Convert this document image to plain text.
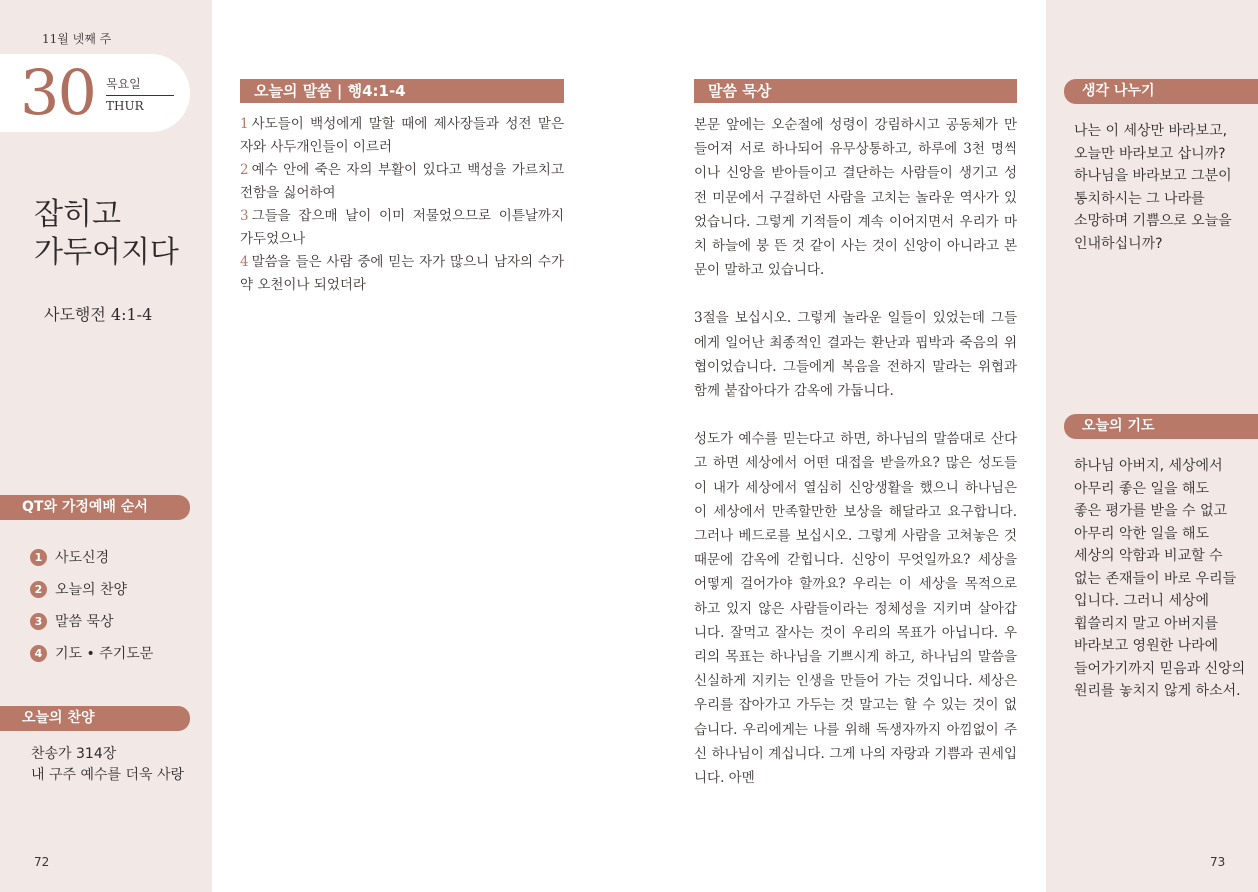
11월 넷째 주
30 목요일
THUR
잡히고
가두어지다
사도행전 4:1-4
QT와 가정예배 순서
1 사도신경
2 오늘의 찬양
3 말씀 묵상
4 기도 • 주기도문
오늘의 찬양
찬송가 314장
내 구주 예수를 더욱 사랑
72
오늘의 말씀 | 행4:1-4
1 사도들이 백성에게 말할 때에 제사장들과 성전 맡은 자와 사두개인들이 이르러
2 예수 안에 죽은 자의 부활이 있다고 백성을 가르치고 전함을 싫어하여
3 그들을 잡으매 날이 이미 저물었으므로 이튿날까지 가두었으나
4 말씀을 들은 사람 중에 믿는 자가 많으니 남자의 수가 약 오천이나 되었더라
말씀 묵상

본문 앞에는 오순절에 성령이 강림하시고 공동체가 만들어져 서로 하나되어 유무상통하고, 하루에 3천 명씩이나 신앙을 받아들이고 결단하는 사람들이 생기고 성전 미문에서 구걸하던 사람을 고치는 놀라운 역사가 있었습니다. 그렇게 기적들이 계속 이어지면서 우리가 마치 하늘에 붕 뜬 것 같이 사는 것이 신앙이 아니라고 본문이 말하고 있습니다.

3절을 보십시오. 그렇게 놀라운 일들이 있었는데 그들에게 일어난 최종적인 결과는 환난과 핍박과 죽음의 위협이었습니다. 그들에게 복음을 전하지 말라는 위협과 함께 붙잡아다가 감옥에 가둡니다.

성도가 예수를 믿는다고 하면, 하나님의 말씀대로 산다고 하면 세상에서 어떤 대접을 받을까요? 많은 성도들이 내가 세상에서 열심히 신앙생활을 했으니 하나님은 이 세상에서 만족할만한 보상을 해달라고 요구합니다. 그러나 베드로를 보십시오. 그렇게 사람을 고쳐놓은 것 때문에 감옥에 갇힙니다. 신앙이 무엇일까요? 세상을 어떻게 걸어가야 할까요? 우리는 이 세상을 목적으로 하고 있지 않은 사람들이라는 정체성을 지키며 살아갑니다. 잘먹고 잘사는 것이 우리의 목표가 아닙니다. 우리의 목표는 하나님을 기쁘시게 하고, 하나님의 말씀을 신실하게 지키는 인생을 만들어 가는 것입니다. 세상은 우리를 잡아가고 가두는 것 말고는 할 수 있는 것이 없습니다. 우리에게는 나를 위해 독생자까지 아낌없이 주신 하나님이 계십니다. 그게 나의 자랑과 기쁨과 권세입니다. 아멘

생각 나누기
나는 이 세상만 바라보고,
오늘만 바라보고 삽니까?
하나님을 바라보고 그분이
통치하시는 그 나라를
소망하며 기쁨으로 오늘을
인내하십니까?
오늘의 기도
하나님 아버지, 세상에서
아무리 좋은 일을 해도
좋은 평가를 받을 수 없고
아무리 악한 일을 해도
세상의 악함과 비교할 수
없는 존재들이 바로 우리들
입니다. 그러니 세상에
휩쓸리지 말고 아버지를
바라보고 영원한 나라에
들어가기까지 믿음과 신앙의
원리를 놓치지 않게 하소서.
73
